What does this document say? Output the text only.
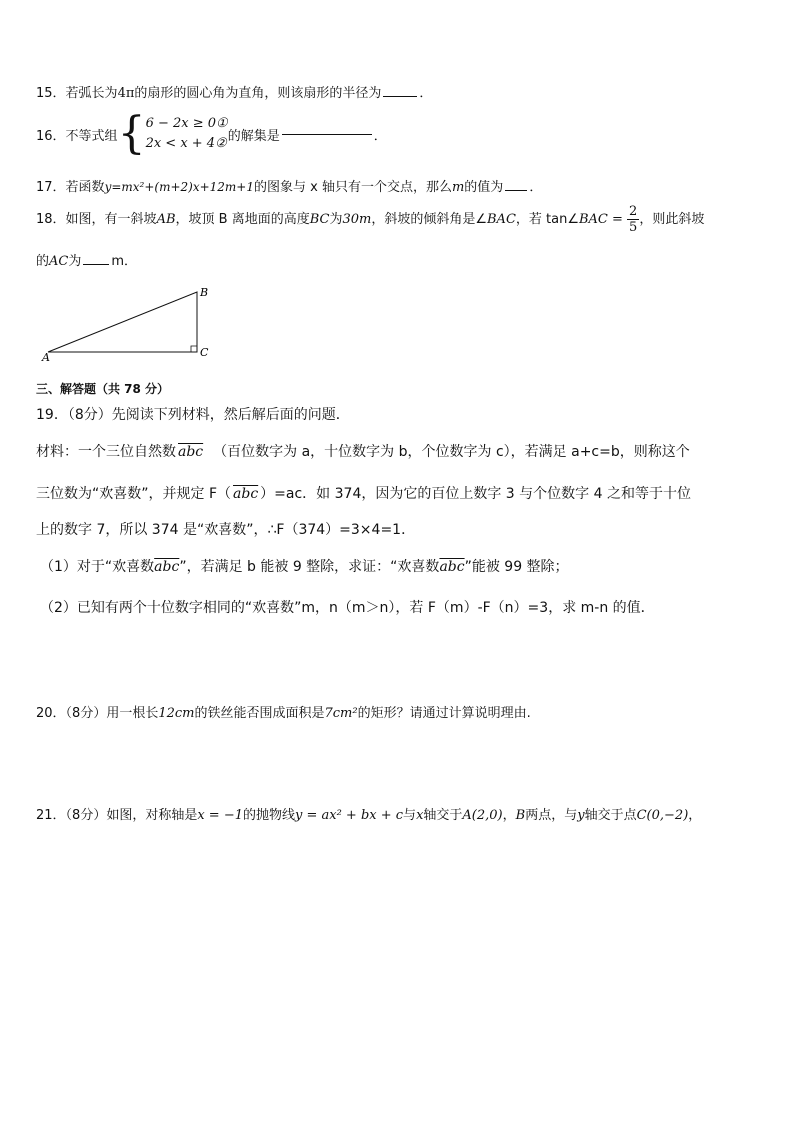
15．若弧长为4π的扇形的圆心角为直角，则该扇形的半径为	．
16．不等式组{ 6 − 2x ≥ 0①
2x < x + 4② 的解集是	．
17．若函数y=mx²+(m+2)x+12m+1的图象与 x 轴只有一个交点，那么m的值为 ．
18．如图，有一斜坡AB，坡顶 B 离地面的高度BC为30m，斜坡的倾斜角是∠BAC，若 tan∠BAC = $\frac{2}{5}$ ，则此斜坡
的AC为 m．
A
B
C
三、解答题（共 78 分）
19．（8分）先阅读下列材料，然后解后面的问题．
材料：一个三位自然数 $\overline{abc}$ （百位数字为 a，十位数字为 b，个位数字为 c），若满足 a+c=b，则称这个
三位数为“欢喜数”，并规定 F（ $\overline{abc}$ ）=ac．如 374，因为它的百位上数字 3 与个位数字 4 之和等于十位
上的数字 7，所以 374 是“欢喜数”，∴F（374）=3×4=1．
（1）对于“欢喜数$\overline{abc}$”，若满足 b 能被 9 整除，求证：“欢喜数$\overline{abc}$”能被 99 整除；
（2）已知有两个十位数字相同的“欢喜数”m，n（m＞n），若 F（m）-F（n）=3，求 m-n 的值．
20．（8分）用一根长12cm的铁丝能否围成面积是7cm²的矩形？请通过计算说明理由.
21．（8分）如图，对称轴是x = −1的抛物线y = ax² + bx + c与x轴交于A(2,0)，B两点，与y轴交于点C(0,−2)，
